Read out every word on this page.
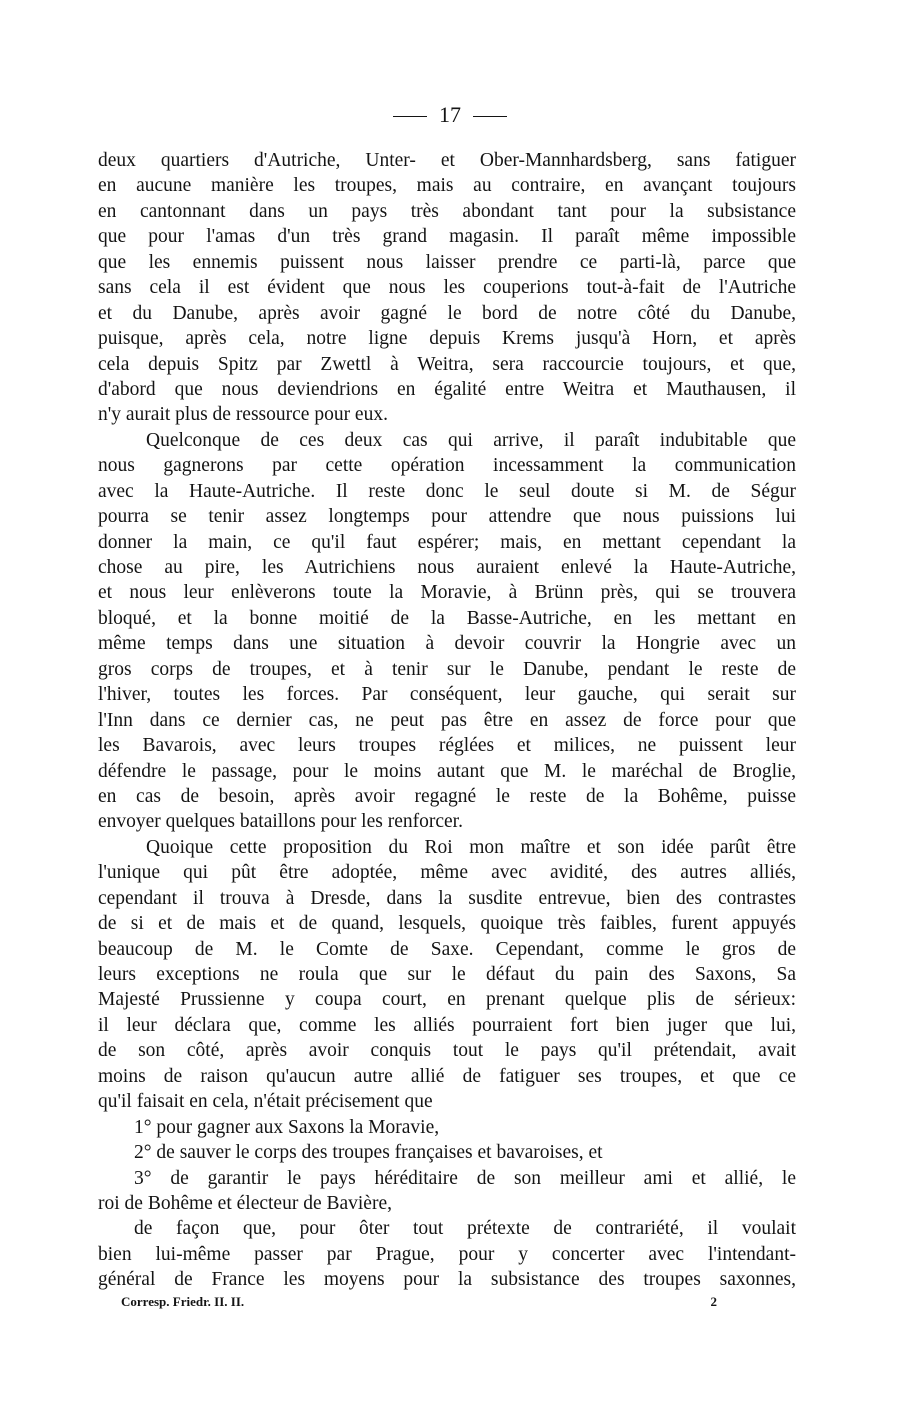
17
deux quartiers d'Autriche, Unter- et Ober-Mannhardsberg, sans fatiguer
en aucune manière les troupes, mais au contraire, en avançant toujours
en cantonnant dans un pays très abondant tant pour la subsistance
que pour l'amas d'un très grand magasin. Il paraît même impossible
que les ennemis puissent nous laisser prendre ce parti-là, parce que
sans cela il est évident que nous les couperions tout-à-fait de l'Autriche
et du Danube, après avoir gagné le bord de notre côté du Danube,
puisque, après cela, notre ligne depuis Krems jusqu'à Horn, et après
cela depuis Spitz par Zwettl à Weitra, sera raccourcie toujours, et que,
d'abord que nous deviendrions en égalité entre Weitra et Mauthausen, il
n'y aurait plus de ressource pour eux.
Quelconque de ces deux cas qui arrive, il paraît indubitable que
nous gagnerons par cette opération incessamment la communication
avec la Haute-Autriche. Il reste donc le seul doute si M. de Ségur
pourra se tenir assez longtemps pour attendre que nous puissions lui
donner la main, ce qu'il faut espérer; mais, en mettant cependant la
chose au pire, les Autrichiens nous auraient enlevé la Haute-Autriche,
et nous leur enlèverons toute la Moravie, à Brünn près, qui se trouvera
bloqué, et la bonne moitié de la Basse-Autriche, en les mettant en
même temps dans une situation à devoir couvrir la Hongrie avec un
gros corps de troupes, et à tenir sur le Danube, pendant le reste de
l'hiver, toutes les forces. Par conséquent, leur gauche, qui serait sur
l'Inn dans ce dernier cas, ne peut pas être en assez de force pour que
les Bavarois, avec leurs troupes réglées et milices, ne puissent leur
défendre le passage, pour le moins autant que M. le maréchal de Broglie,
en cas de besoin, après avoir regagné le reste de la Bohême, puisse
envoyer quelques bataillons pour les renforcer.
Quoique cette proposition du Roi mon maître et son idée parût être
l'unique qui pût être adoptée, même avec avidité, des autres alliés,
cependant il trouva à Dresde, dans la susdite entrevue, bien des contrastes
de si et de mais et de quand, lesquels, quoique très faibles, furent appuyés
beaucoup de M. le Comte de Saxe. Cependant, comme le gros de
leurs exceptions ne roula que sur le défaut du pain des Saxons, Sa
Majesté Prussienne y coupa court, en prenant quelque plis de sérieux:
il leur déclara que, comme les alliés pourraient fort bien juger que lui,
de son côté, après avoir conquis tout le pays qu'il prétendait, avait
moins de raison qu'aucun autre allié de fatiguer ses troupes, et que ce
qu'il faisait en cela, n'était précisement que
1° pour gagner aux Saxons la Moravie,
2° de sauver le corps des troupes françaises et bavaroises, et
3° de garantir le pays héréditaire de son meilleur ami et allié, le
roi de Bohême et électeur de Bavière,
de façon que, pour ôter tout prétexte de contrariété, il voulait
bien lui-même passer par Prague, pour y concerter avec l'intendant-
général de France les moyens pour la subsistance des troupes saxonnes,
Corresp. Friedr. II. II.	2
